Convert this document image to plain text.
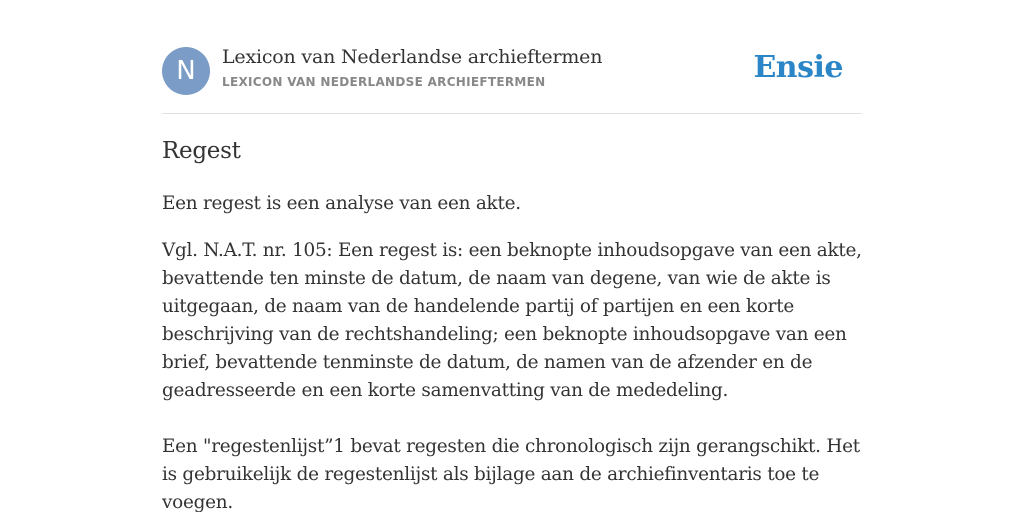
N	Lexicon van Nederlandse archieftermen
LEXICON VAN NEDERLANDSE ARCHIEFTERMEN	Ensie
Regest

Een regest is een analyse van een akte.

Vgl. N.A.T. nr. 105: Een regest is: een beknopte inhoudsopgave van een akte, bevattende ten minste de datum, de naam van degene, van wie de akte is uitgegaan, de naam van de handelende partij of partijen en een korte beschrijving van de rechtshandeling; een beknopte inhoudsopgave van een brief, bevattende tenminste de datum, de namen van de afzender en de geadresseerde en een korte samenvatting van de mededeling.

Een "regestenlijst”1 bevat regesten die chronologisch zijn gerangschikt. Het is gebruikelijk de regestenlijst als bijlage aan de archiefinventaris toe te voegen.
